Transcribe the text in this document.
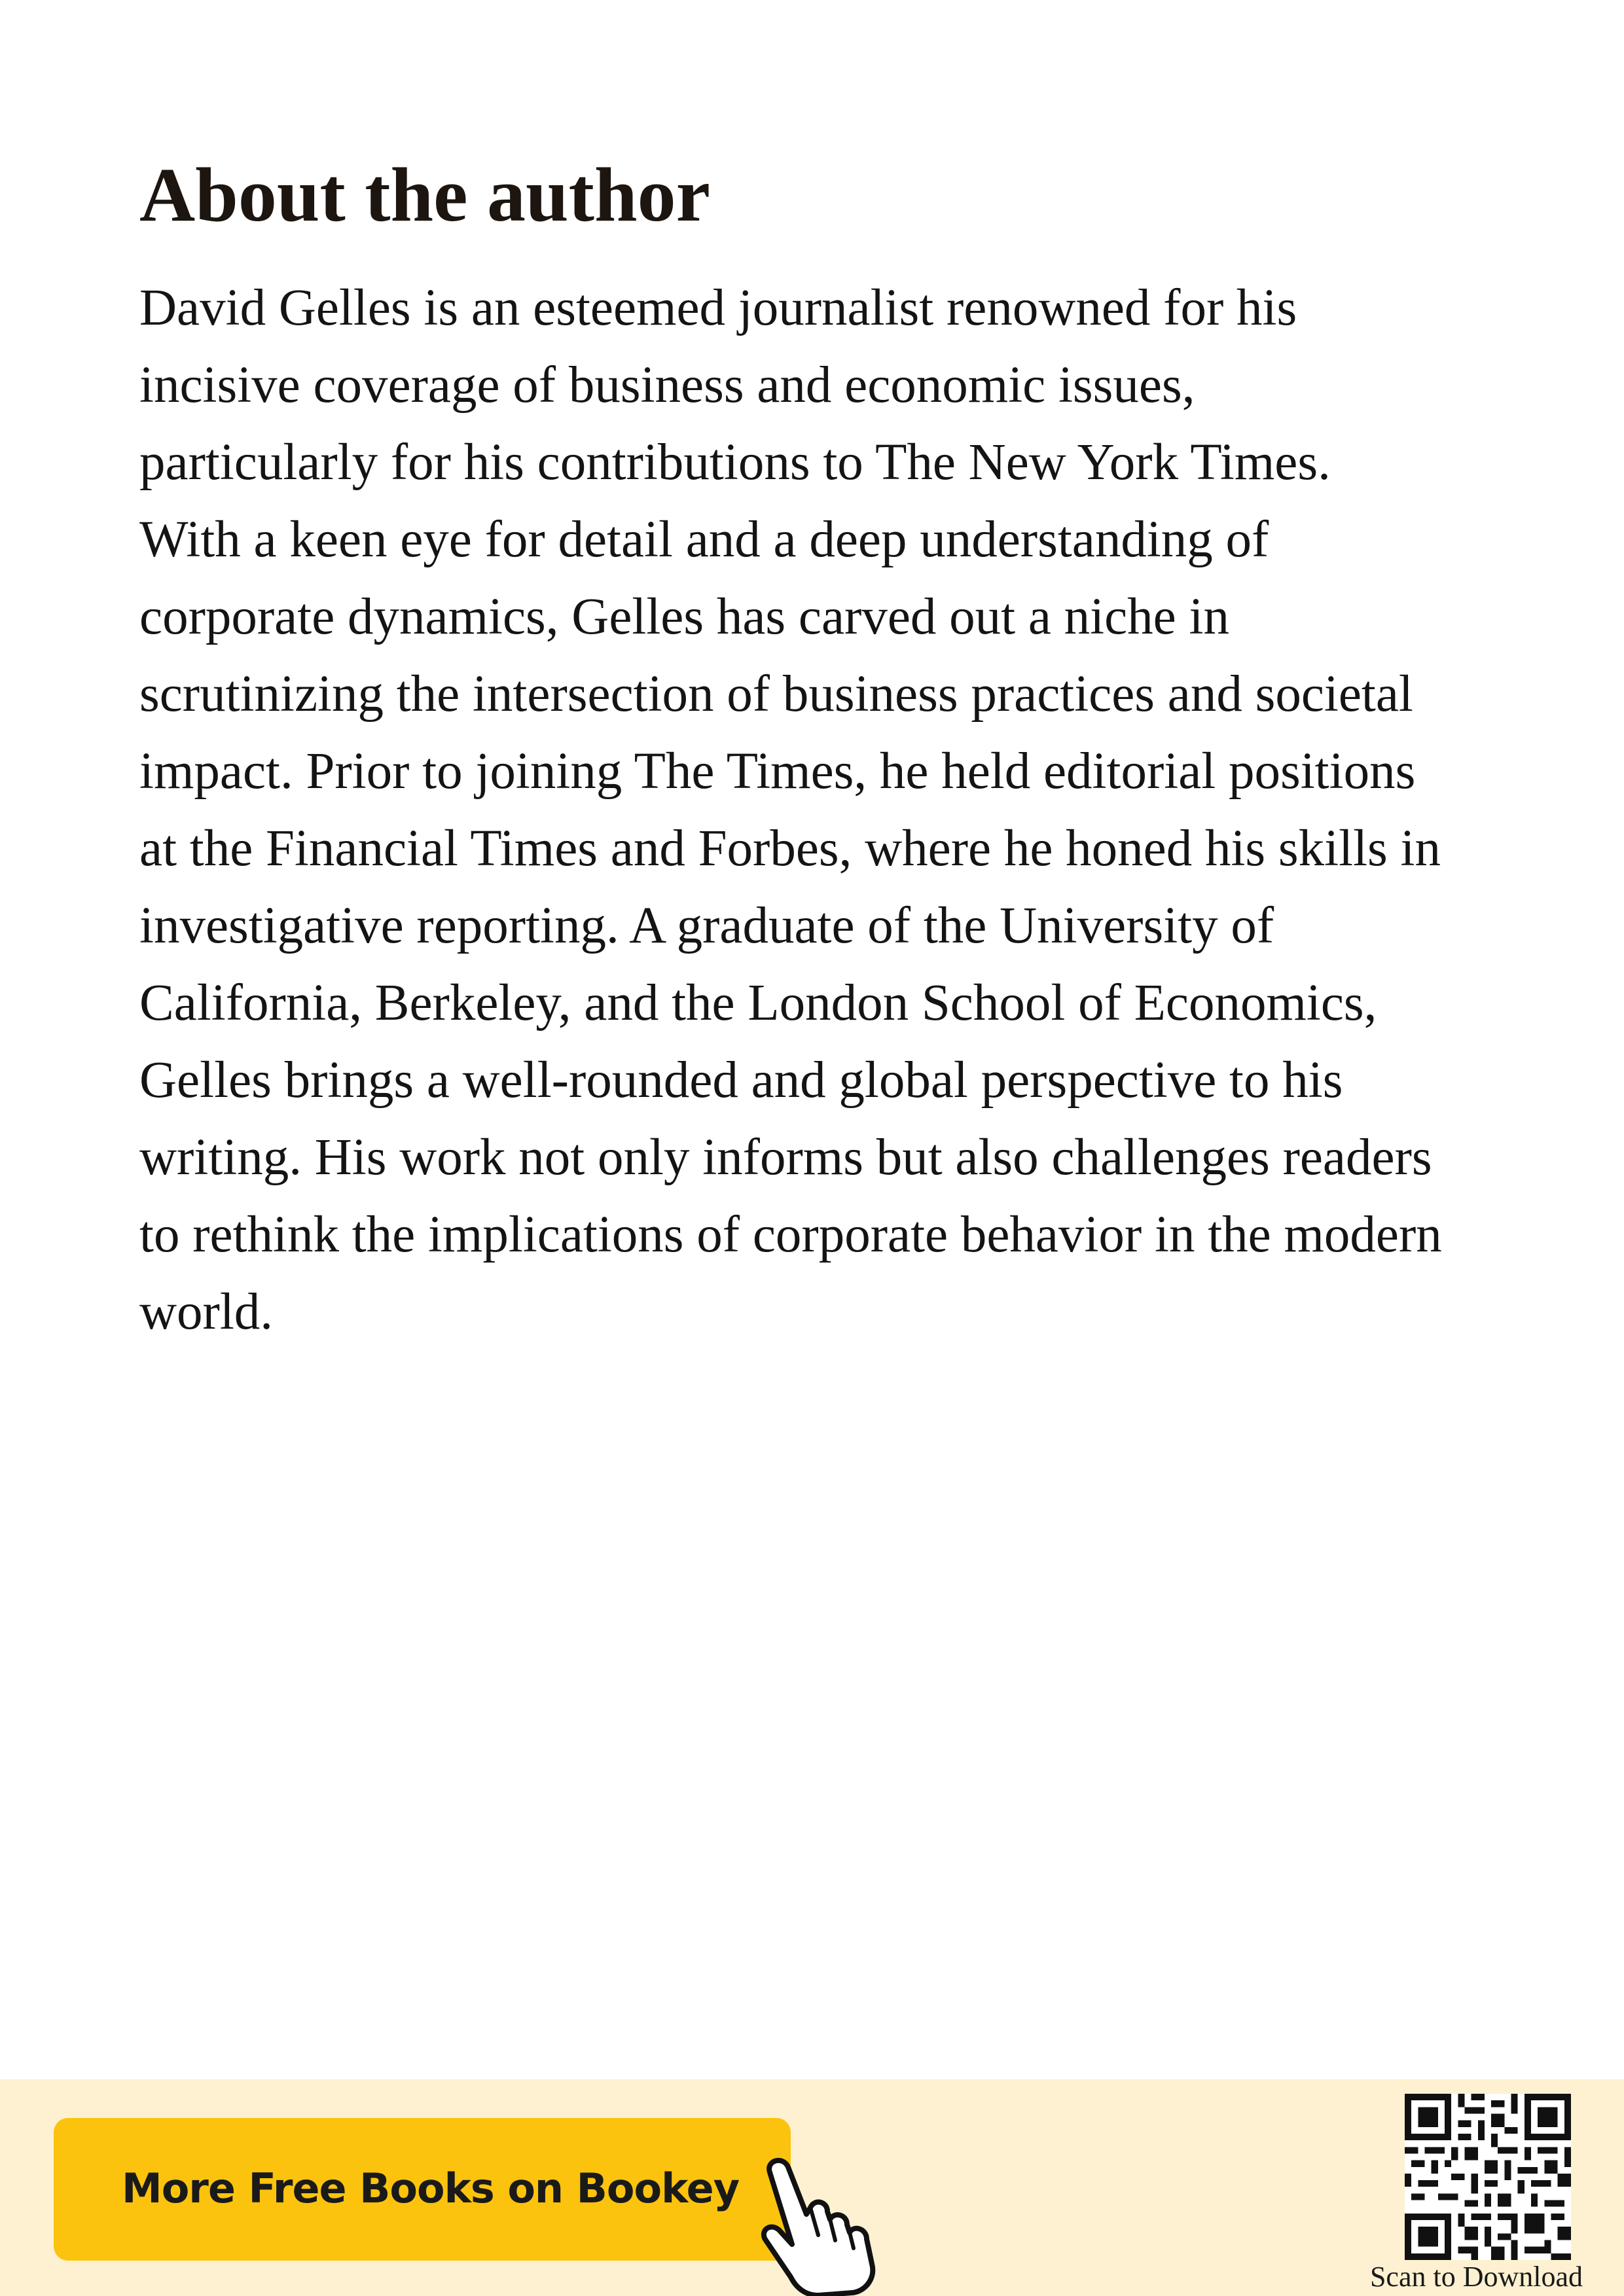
About the author
David Gelles is an esteemed journalist renowned for his
incisive coverage of business and economic issues,
particularly for his contributions to The New York Times.
With a keen eye for detail and a deep understanding of
corporate dynamics, Gelles has carved out a niche in
scrutinizing the intersection of business practices and societal
impact. Prior to joining The Times, he held editorial positions
at the Financial Times and Forbes, where he honed his skills in
investigative reporting. A graduate of the University of
California, Berkeley, and the London School of Economics,
Gelles brings a well-rounded and global perspective to his
writing. His work not only informs but also challenges readers
to rethink the implications of corporate behavior in the modern
world.
More Free Books on Bookey
Scan to Download
